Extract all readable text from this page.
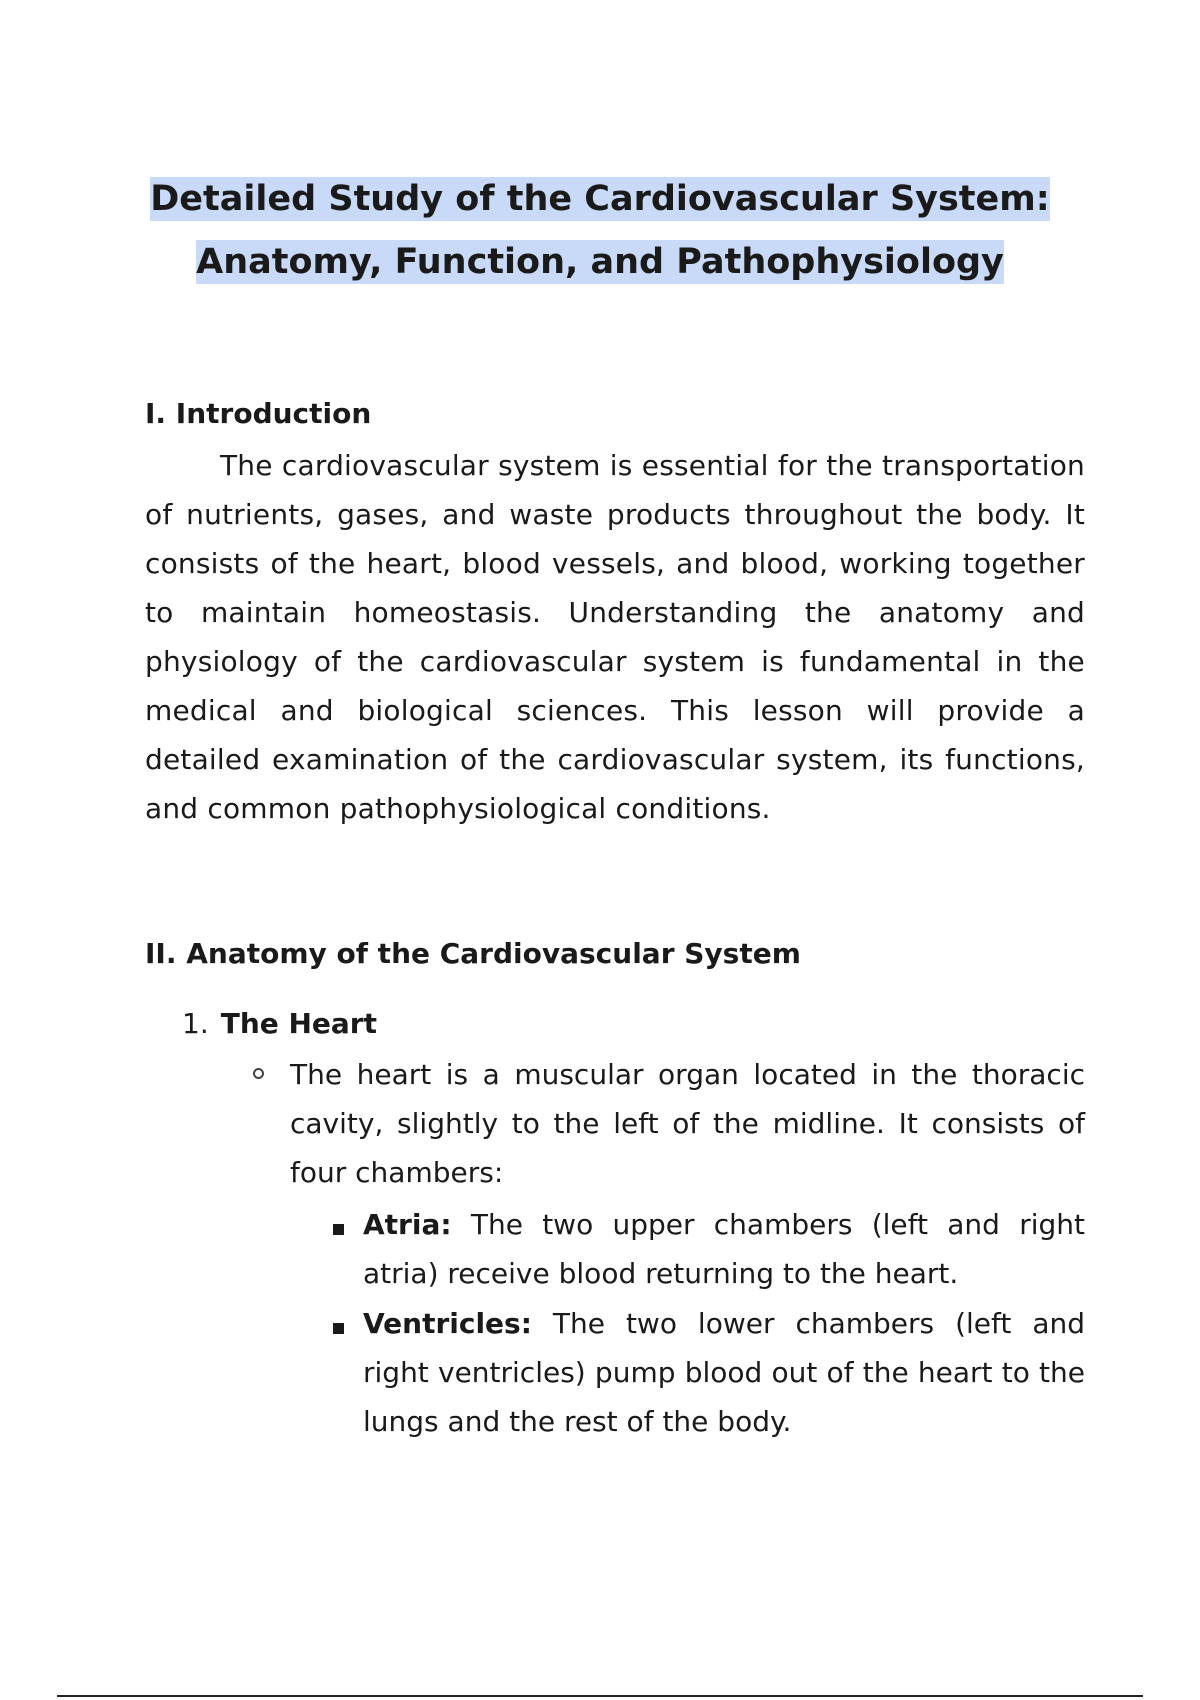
Detailed Study of the Cardiovascular System:
Anatomy, Function, and Pathophysiology
I. Introduction

The cardiovascular system is essential for the transportation of nutrients, gases, and waste products throughout the body. It consists of the heart, blood vessels, and blood, working together to maintain homeostasis. Understanding the anatomy and physiology of the cardiovascular system is fundamental in the medical and biological sciences. This lesson will provide a detailed examination of the cardiovascular system, its functions, and common pathophysiological conditions.

II. Anatomy of the Cardiovascular System
1. The Heart

The heart is a muscular organ located in the thoracic cavity, slightly to the left of the midline. It consists of four chambers:

Atria: The two upper chambers (left and right atria) receive blood returning to the heart.

Ventricles: The two lower chambers (left and right ventricles) pump blood out of the heart to the lungs and the rest of the body.
